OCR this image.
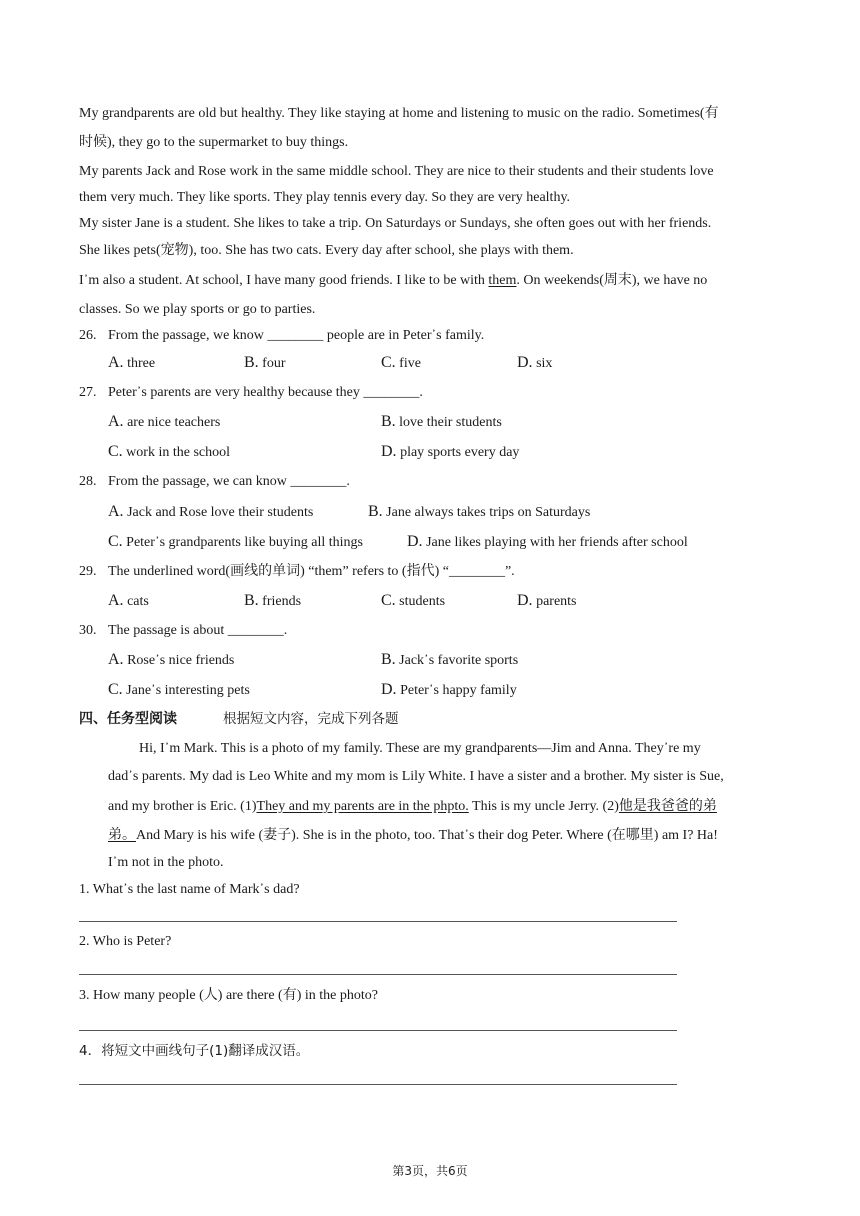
My grandparents are old but healthy. They like staying at home and listening to music on the radio. Sometimes(有
时候), they go to the supermarket to buy things.
My parents Jack and Rose work in the same middle school. They are nice to their students and their students love
them very much. They like sports. They play tennis every day. So they are very healthy.
My sister Jane is a student. She likes to take a trip. On Saturdays or Sundays, she often goes out with her friends.
She likes pets(宠物), too. She has two cats. Every day after school, she plays with them.
I᾿m also a student. At school, I have many good friends. I like to be with them. On weekends(周末), we have no
classes. So we play sports or go to parties.
26. From the passage, we know ________ people are in Peter᾿s family.
A. three	B. four	C. five	D. six
27. Peter᾿s parents are very healthy because they ________.
A. are nice teachers	B. love their students
C. work in the school	D. play sports every day
28. From the passage, we can know ________.
A. Jack and Rose love their students	B. Jane always takes trips on Saturdays
C. Peter᾿s grandparents like buying all things	D. Jane likes playing with her friends after school
29. The underlined word(画线的单词) “them” refers to (指代) “________”.
A. cats	B. friends	C. students	D. parents
30. The passage is about ________.
A. Rose᾿s nice friends	B. Jack᾿s favorite sports
C. Jane᾿s interesting pets	D. Peter᾿s happy family
四、任务型阅读	根据短文内容，完成下列各题
Hi, I᾿m Mark. This is a photo of my family. These are my grandparents—Jim and Anna. They᾿re my
dad᾿s parents. My dad is Leo White and my mom is Lily White. I have a sister and a brother. My sister is Sue,
and my brother is Eric. (1)They and my parents are in the phpto. This is my uncle Jerry. (2)他是我爸爸的弟
弟。And Mary is his wife (妻子). She is in the photo, too. That᾿s their dog Peter. Where (在哪里) am I? Ha!
I᾿m not in the photo.
1. What᾿s the last name of Mark᾿s dad?
2. Who is Peter?
3. How many people (人) are there (有) in the photo?
4．将短文中画线句子(1)翻译成汉语。
第3页，共6页
